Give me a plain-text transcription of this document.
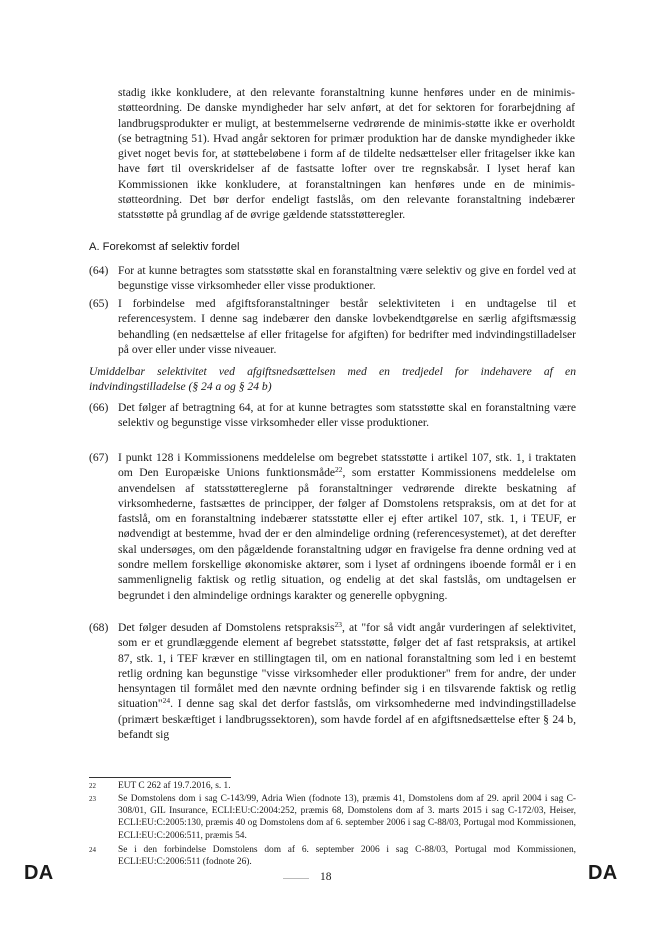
stadig ikke konkludere, at den relevante foranstaltning kunne henføres under en de minimis-støtteordning. De danske myndigheder har selv anført, at det for sektoren for forarbejdning af landbrugsprodukter er muligt, at bestemmelserne vedrørende de minimis-støtte ikke er overholdt (se betragtning 51). Hvad angår sektoren for primær produktion har de danske myndigheder ikke givet noget bevis for, at støttebeløbene i form af de tildelte nedsættelser eller fritagelser ikke kan have ført til overskridelser af de fastsatte lofter over tre regnskabsår. I lyset heraf kan Kommissionen ikke konkludere, at foranstaltningen kan henføres unde en de minimis-støtteordning. Det bør derfor endeligt fastslås, om den relevante foranstaltning indebærer statsstøtte på grundlag af de øvrige gældende statsstøtteregler.
A. Forekomst af selektiv fordel
(64) For at kunne betragtes som statsstøtte skal en foranstaltning være selektiv og give en fordel ved at begunstige visse virksomheder eller visse produktioner.
(65) I forbindelse med afgiftsforanstaltninger består selektiviteten i en undtagelse til et referencesystem. I denne sag indebærer den danske lovbekendtgørelse en særlig afgiftsmæssig behandling (en nedsættelse af eller fritagelse for afgiften) for bedrifter med indvindingstilladelser på over eller under visse niveauer.
Umiddelbar selektivitet ved afgiftsnedsættelsen med en tredjedel for indehavere af en indvindingstilladelse (§ 24 a og § 24 b)
(66) Det følger af betragtning 64, at for at kunne betragtes som statsstøtte skal en foranstaltning være selektiv og begunstige visse virksomheder eller visse produktioner.
(67) I punkt 128 i Kommissionens meddelelse om begrebet statsstøtte i artikel 107, stk. 1, i traktaten om Den Europæiske Unions funktionsmåde$^{22}$, som erstatter Kommissionens meddelelse om anvendelsen af statsstøttereglerne på foranstaltninger vedrørende direkte beskatning af virksomhederne, fastsættes de principper, der følger af Domstolens retspraksis, om at det for at fastslå, om en foranstaltning indebærer statsstøtte eller ej efter artikel 107, stk. 1, i TEUF, er nødvendigt at bestemme, hvad der er den almindelige ordning (referencesystemet), at det derefter skal undersøges, om den pågældende foranstaltning udgør en fravigelse fra denne ordning ved at sondre mellem forskellige økonomiske aktører, som i lyset af ordningens iboende formål er i en sammenlignelig faktisk og retlig situation, og endelig at det skal fastslås, om undtagelsen er begrundet i den almindelige ordnings karakter og generelle opbygning.
(68) Det følger desuden af Domstolens retspraksis$^{23}$, at "for så vidt angår vurderingen af selektivitet, som er et grundlæggende element af begrebet statsstøtte, følger det af fast retspraksis, at artikel 87, stk. 1, i TEF kræver en stillingtagen til, om en national foranstaltning som led i en bestemt retlig ordning kan begunstige "visse virksomheder eller produktioner" frem for andre, der under hensyntagen til formålet med den nævnte ordning befinder sig i en tilsvarende faktisk og retlig situation"$^{24}$. I denne sag skal det derfor fastslås, om virksomhederne med indvindingstilladelse (primært beskæftiget i landbrugssektoren), som havde fordel af en afgiftsnedsættelse efter § 24 b, befandt sig
22 EUT C 262 af 19.7.2016, s. 1.
23 Se Domstolens dom i sag C-143/99, Adria Wien (fodnote 13), præmis 41, Domstolens dom af 29. april 2004 i sag C-308/01, GIL Insurance, ECLI:EU:C:2004:252, præmis 68, Domstolens dom af 3. marts 2015 i sag C-172/03, Heiser, ECLI:EU:C:2005:130, præmis 40 og Domstolens dom af 6. september 2006 i sag C-88/03, Portugal mod Kommissionen, ECLI:EU:C:2006:511, præmis 54.
24 Se i den forbindelse Domstolens dom af 6. september 2006 i sag C-88/03, Portugal mod Kommissionen, ECLI:EU:C:2006:511 (fodnote 26).
DA	18	DA
